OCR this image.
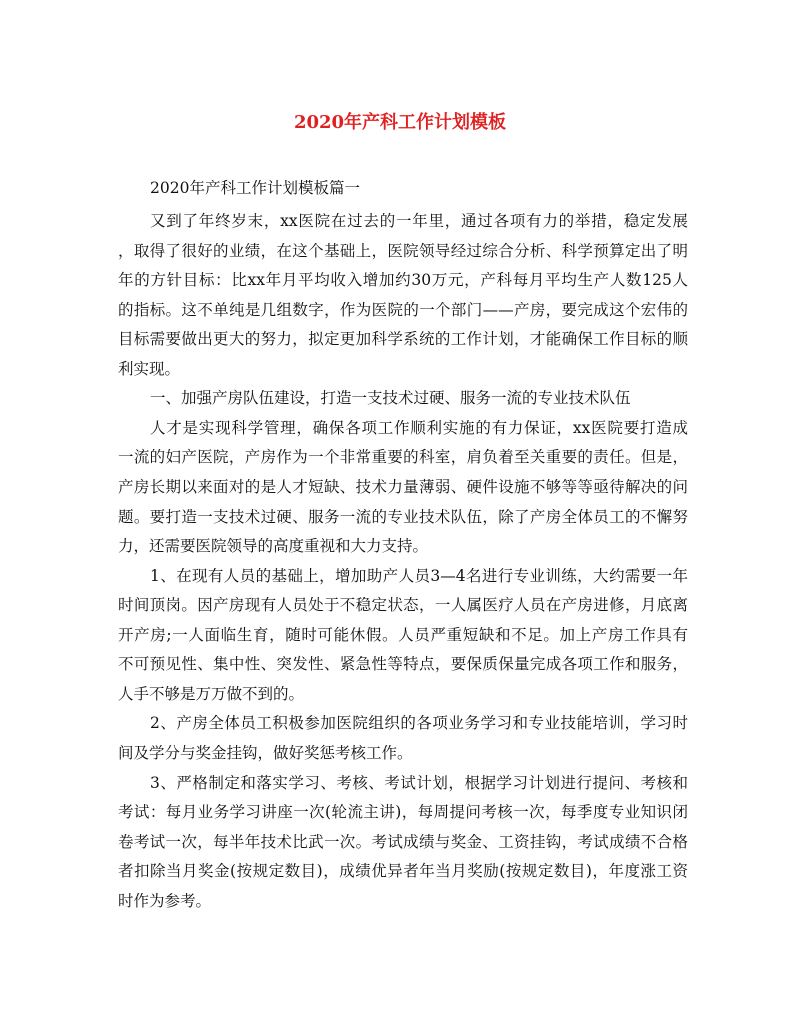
2020年产科工作计划模板
2020年产科工作计划模板篇一
又到了年终岁末，xx医院在过去的一年里，通过各项有力的举措，稳定发展
，取得了很好的业绩，在这个基础上，医院领导经过综合分析、科学预算定出了明
年的方针目标：比xx年月平均收入增加约30万元，产科每月平均生产人数125人
的指标。这不单纯是几组数字，作为医院的一个部门——产房，要完成这个宏伟的
目标需要做出更大的努力，拟定更加科学系统的工作计划，才能确保工作目标的顺
利实现。
一、加强产房队伍建设，打造一支技术过硬、服务一流的专业技术队伍
人才是实现科学管理，确保各项工作顺利实施的有力保证，xx医院要打造成
一流的妇产医院，产房作为一个非常重要的科室，肩负着至关重要的责任。但是，
产房长期以来面对的是人才短缺、技术力量薄弱、硬件设施不够等等亟待解决的问
题。要打造一支技术过硬、服务一流的专业技术队伍，除了产房全体员工的不懈努
力，还需要医院领导的高度重视和大力支持。
1、在现有人员的基础上，增加助产人员3—4名进行专业训练，大约需要一年
时间顶岗。因产房现有人员处于不稳定状态，一人属医疗人员在产房进修，月底离
开产房;一人面临生育，随时可能休假。人员严重短缺和不足。加上产房工作具有
不可预见性、集中性、突发性、紧急性等特点，要保质保量完成各项工作和服务，
人手不够是万万做不到的。
2、产房全体员工积极参加医院组织的各项业务学习和专业技能培训，学习时
间及学分与奖金挂钩，做好奖惩考核工作。
3、严格制定和落实学习、考核、考试计划，根据学习计划进行提问、考核和
考试：每月业务学习讲座一次(轮流主讲)，每周提问考核一次，每季度专业知识闭
卷考试一次，每半年技术比武一次。考试成绩与奖金、工资挂钩，考试成绩不合格
者扣除当月奖金(按规定数目)，成绩优异者年当月奖励(按规定数目)，年度涨工资
时作为参考。
